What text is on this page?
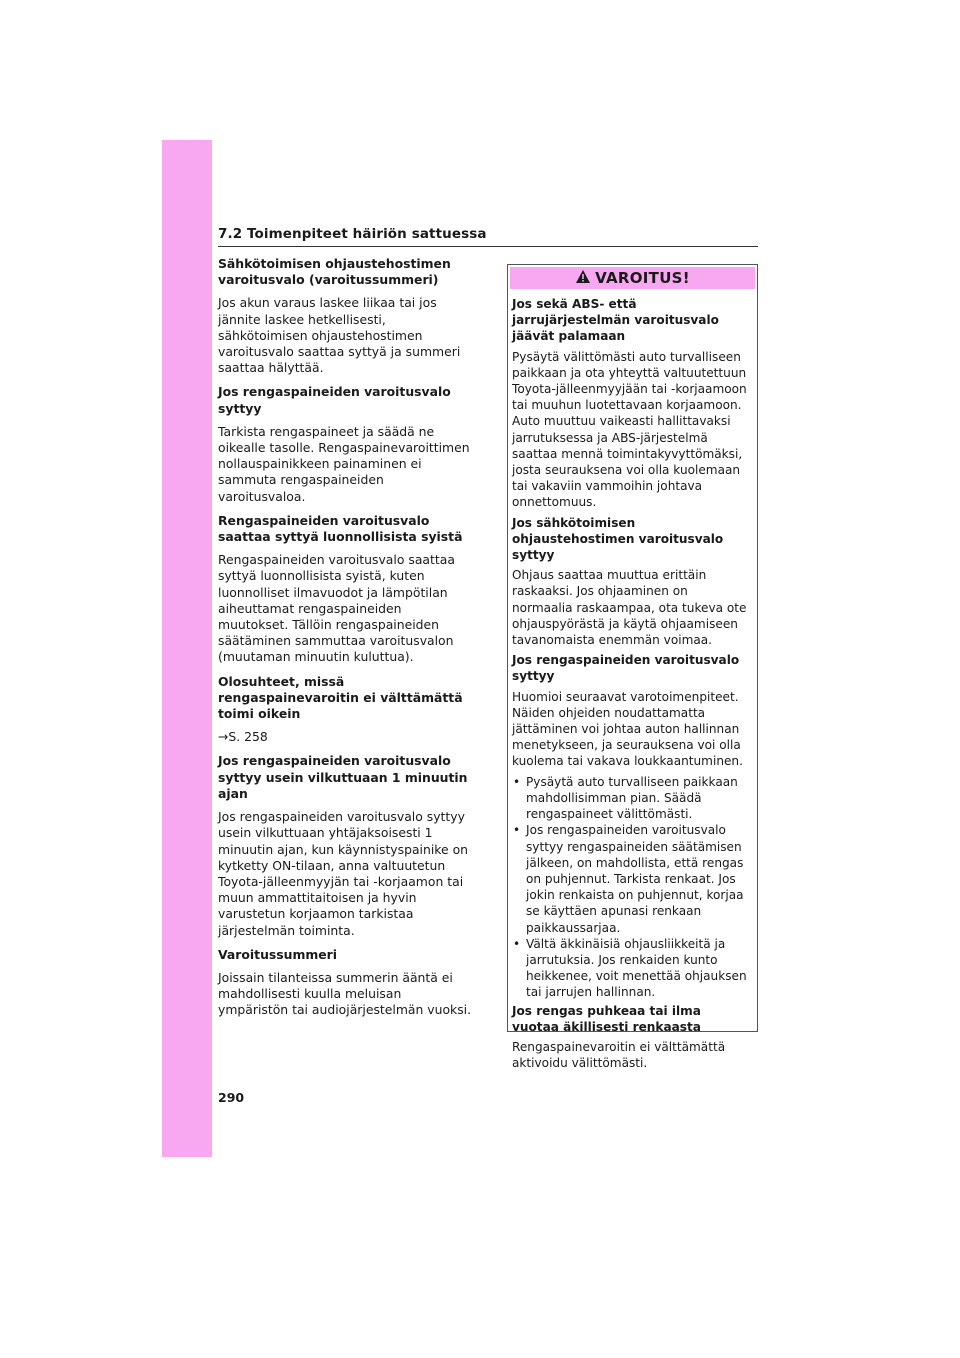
7.2 Toimenpiteet häiriön sattuessa
Sähkötoimisen ohjaustehostimen varoitusvalo (varoitussummeri)

Jos akun varaus laskee liikaa tai jos jännite laskee hetkellisesti, sähkötoimisen ohjaustehostimen varoitusvalo saattaa syttyä ja summeri saattaa hälyttää.

Jos rengaspaineiden varoitusvalo syttyy

Tarkista rengaspaineet ja säädä ne oikealle tasolle. Rengaspainevaroittimen nollauspainikkeen painaminen ei sammuta rengaspaineiden varoitusvaloa.

Rengaspaineiden varoitusvalo saattaa syttyä luonnollisista syistä

Rengaspaineiden varoitusvalo saattaa syttyä luonnollisista syistä, kuten luonnolliset ilmavuodot ja lämpötilan aiheuttamat rengaspaineiden muutokset. Tällöin rengaspaineiden säätäminen sammuttaa varoitusvalon (muutaman minuutin kuluttua).

Olosuhteet, missä rengaspainevaroitin ei välttämättä toimi oikein

→S. 258

Jos rengaspaineiden varoitusvalo syttyy usein vilkuttuaan 1 minuutin ajan

Jos rengaspaineiden varoitusvalo syttyy usein vilkuttuaan yhtäjaksoisesti 1 minuutin ajan, kun käynnistyspainike on kytketty ON-tilaan, anna valtuutetun Toyota-jälleenmyyjän tai -korjaamon tai muun ammattitaitoisen ja hyvin varustetun korjaamon tarkistaa järjestelmän toiminta.

Varoitussummeri

Joissain tilanteissa summerin ääntä ei mahdollisesti kuulla meluisan ympäristön tai audiojärjestelmän vuoksi.

VAROITUS!
Jos sekä ABS- että jarrujärjestelmän varoitusvalo jäävät palamaan

Pysäytä välittömästi auto turvalliseen paikkaan ja ota yhteyttä valtuutettuun Toyota-jälleenmyyjään tai -korjaamoon tai muuhun luotettavaan korjaamoon. Auto muuttuu vaikeasti hallittavaksi jarrutuksessa ja ABS-järjestelmä saattaa mennä toimintakyvyttömäksi, josta seurauksena voi olla kuolemaan tai vakaviin vammoihin johtava onnettomuus.

Jos sähkötoimisen ohjaustehostimen varoitusvalo syttyy

Ohjaus saattaa muuttua erittäin raskaaksi. Jos ohjaaminen on normaalia raskaampaa, ota tukeva ote ohjauspyörästä ja käytä ohjaamiseen tavanomaista enemmän voimaa.

Jos rengaspaineiden varoitusvalo syttyy

Huomioi seuraavat varotoimenpiteet. Näiden ohjeiden noudattamatta jättäminen voi johtaa auton hallinnan menetykseen, ja seurauksena voi olla kuolema tai vakava loukkaantuminen.

• Pysäytä auto turvalliseen paikkaan mahdollisimman pian. Säädä rengaspaineet välittömästi.
• Jos rengaspaineiden varoitusvalo syttyy rengaspaineiden säätämisen jälkeen, on mahdollista, että rengas on puhjennut. Tarkista renkaat. Jos jokin renkaista on puhjennut, korjaa se käyttäen apunasi renkaan paikkaussarjaa.
• Vältä äkkinäisiä ohjausliikkeitä ja jarrutuksia. Jos renkaiden kunto heikkenee, voit menettää ohjauksen tai jarrujen hallinnan.
Jos rengas puhkeaa tai ilma vuotaa äkillisesti renkaasta

Rengaspainevaroitin ei välttämättä aktivoidu välittömästi.

290
